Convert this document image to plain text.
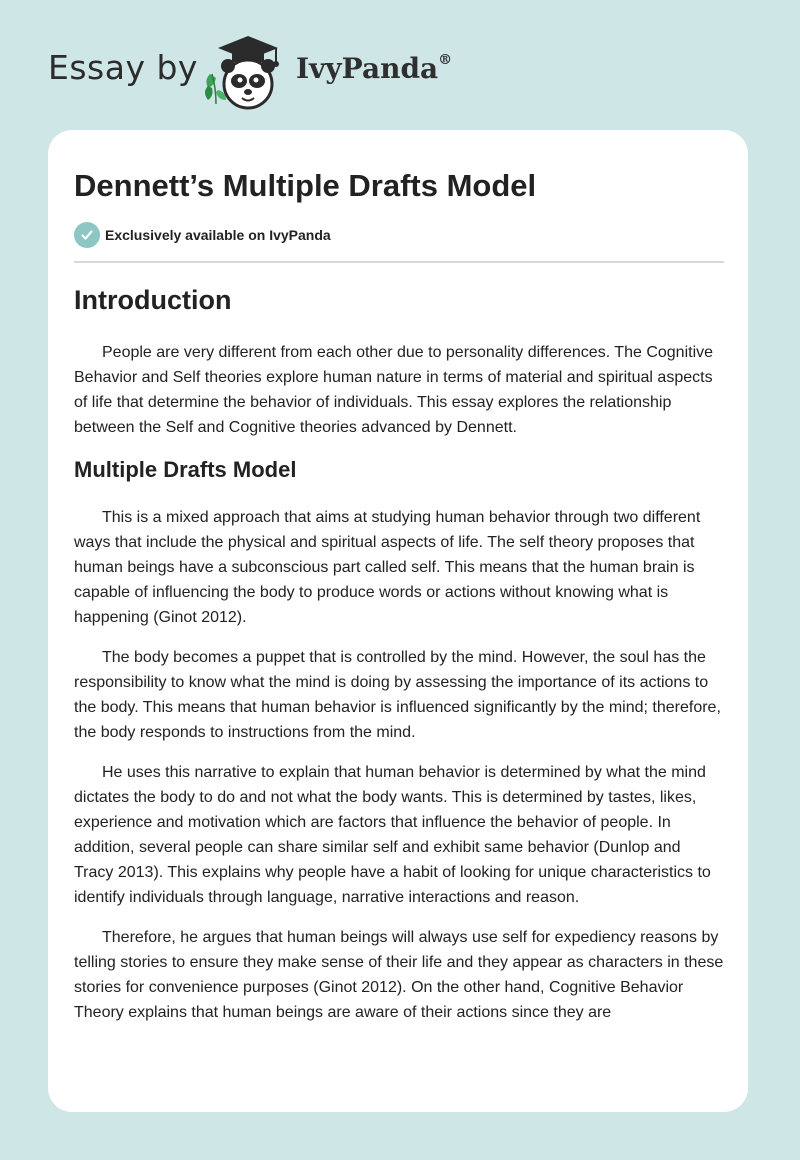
Essay by	IvyPanda®
Dennett’s Multiple Drafts Model
Exclusively available on IvyPanda
Introduction

People are very different from each other due to personality differences. The Cognitive Behavior and Self theories explore human nature in terms of material and spiritual aspects of life that determine the behavior of individuals. This essay explores the relationship between the Self and Cognitive theories advanced by Dennett.

Multiple Drafts Model

This is a mixed approach that aims at studying human behavior through two different ways that include the physical and spiritual aspects of life. The self theory proposes that human beings have a subconscious part called self. This means that the human brain is capable of influencing the body to produce words or actions without knowing what is happening (Ginot 2012).

The body becomes a puppet that is controlled by the mind. However, the soul has the responsibility to know what the mind is doing by assessing the importance of its actions to the body. This means that human behavior is influenced significantly by the mind; therefore, the body responds to instructions from the mind.

He uses this narrative to explain that human behavior is determined by what the mind dictates the body to do and not what the body wants. This is determined by tastes, likes, experience and motivation which are factors that influence the behavior of people. In addition, several people can share similar self and exhibit same behavior (Dunlop and Tracy 2013). This explains why people have a habit of looking for unique characteristics to identify individuals through language, narrative interactions and reason.

Therefore, he argues that human beings will always use self for expediency reasons by telling stories to ensure they make sense of their life and they appear as characters in these stories for convenience purposes (Ginot 2012). On the other hand, Cognitive Behavior Theory explains that human beings are aware of their actions since they are
